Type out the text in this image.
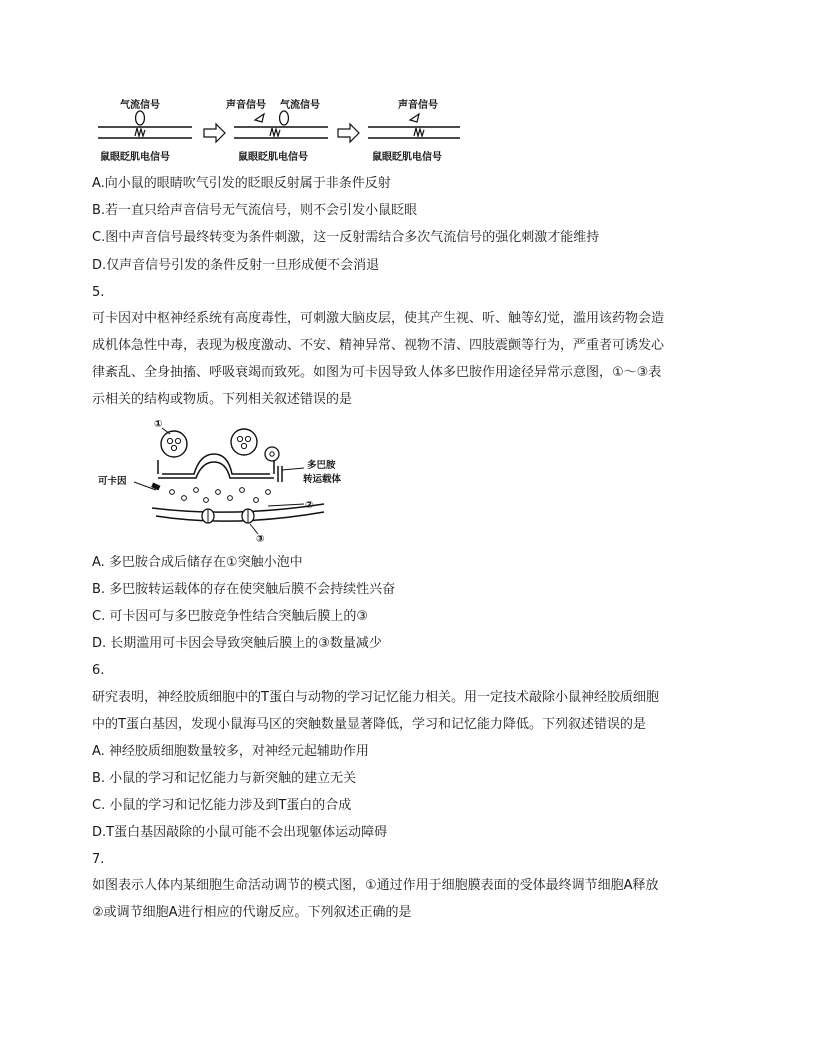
气流信号
鼠眼眨肌电信号
声音信号 气流信号
鼠眼眨肌电信号
声音信号
鼠眼眨肌电信号
A.向小鼠的眼睛吹气引发的眨眼反射属于非条件反射
B.若一直只给声音信号无气流信号，则不会引发小鼠眨眼
C.图中声音信号最终转变为条件刺激，这一反射需结合多次气流信号的强化刺激才能维持
D.仅声音信号引发的条件反射一旦形成便不会消退
5.
可卡因对中枢神经系统有高度毒性，可刺激大脑皮层，使其产生视、听、触等幻觉，滥用该药物会造
成机体急性中毒，表现为极度激动、不安、精神异常、视物不清、四肢震颤等行为，严重者可诱发心
律紊乱、全身抽搐、呼吸衰竭而致死。如图为可卡因导致人体多巴胺作用途径异常示意图，①～③表
示相关的结构或物质。下列相关叙述错误的是
①
多巴胺
转运载体
可卡因
②
③
A. 多巴胺合成后储存在①突触小泡中
B. 多巴胺转运载体的存在使突触后膜不会持续性兴奋
C. 可卡因可与多巴胺竞争性结合突触后膜上的③
D. 长期滥用可卡因会导致突触后膜上的③数量减少
6.
研究表明，神经胶质细胞中的T蛋白与动物的学习记忆能力相关。用一定技术敲除小鼠神经胶质细胞
中的T蛋白基因，发现小鼠海马区的突触数量显著降低，学习和记忆能力降低。下列叙述错误的是
A. 神经胶质细胞数量较多，对神经元起辅助作用
B. 小鼠的学习和记忆能力与新突触的建立无关
C. 小鼠的学习和记忆能力涉及到T蛋白的合成
D.T蛋白基因敲除的小鼠可能不会出现躯体运动障碍
7.
如图表示人体内某细胞生命活动调节的模式图，①通过作用于细胞膜表面的受体最终调节细胞A释放
②或调节细胞A进行相应的代谢反应。下列叙述正确的是
